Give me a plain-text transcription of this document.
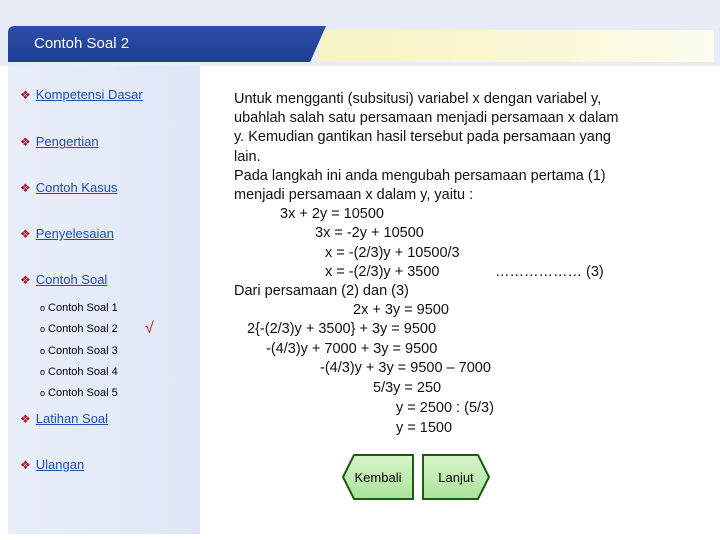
Contoh Soal 2
❖ Kompetensi Dasar
❖ Pengertian
❖ Contoh Kasus
❖ Penyelesaian
❖ Contoh Soal
o Contoh Soal 1
o Contoh Soal 2 √
o Contoh Soal 3
o Contoh Soal 4
o Contoh Soal 5
❖ Latihan Soal
❖ Ulangan
Untuk mengganti (subsitusi) variabel x dengan variabel y,
ubahlah salah satu persamaan menjadi persamaan x dalam
y. Kemudian gantikan hasil tersebut pada persamaan yang
lain.
Pada langkah ini anda mengubah persamaan pertama (1)
menjadi persamaan x dalam y, yaitu :
3x + 2y = 10500
3x = -2y + 10500
x = -(2/3)y + 10500/3
x = -(2/3)y + 3500	……………… (3)
Dari persamaan (2) dan (3)
2x + 3y = 9500
2{-(2/3)y + 3500} + 3y = 9500
-(4/3)y + 7000 + 3y = 9500
-(4/3)y + 3y = 9500 – 7000
5/3y = 250
y = 2500 : (5/3)
y = 1500
Kembali	Lanjut
